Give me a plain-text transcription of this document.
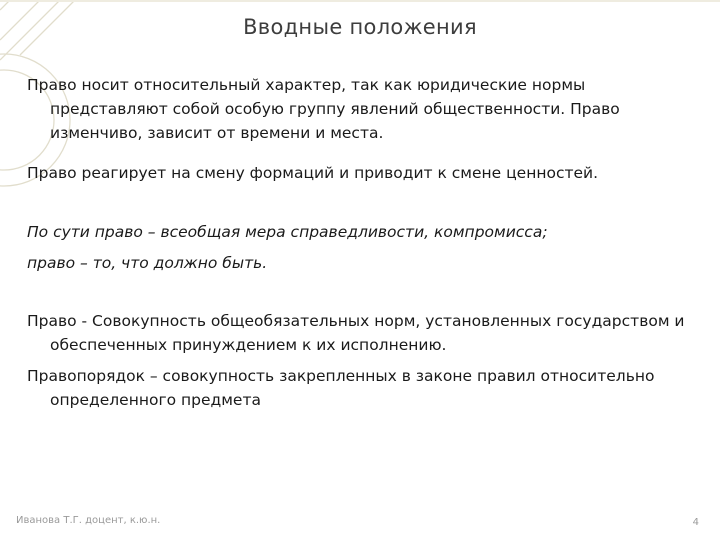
Вводные положения

Право носит относительный характер, так как юридические нормы представляют собой особую группу явлений общественности. Право изменчиво, зависит от времени и места.

Право реагирует на смену формаций и приводит к смене ценностей.

По сути право – всеобщая мера справедливости, компромисса;

право – то, что должно быть.

Право - Совокупность общеобязательных норм, установленных государством и обеспеченных принуждением к их исполнению.

Правопорядок – совокупность закрепленных в законе правил относительно определенного предмета

Иванова Т.Г. доцент, к.ю.н.	4
